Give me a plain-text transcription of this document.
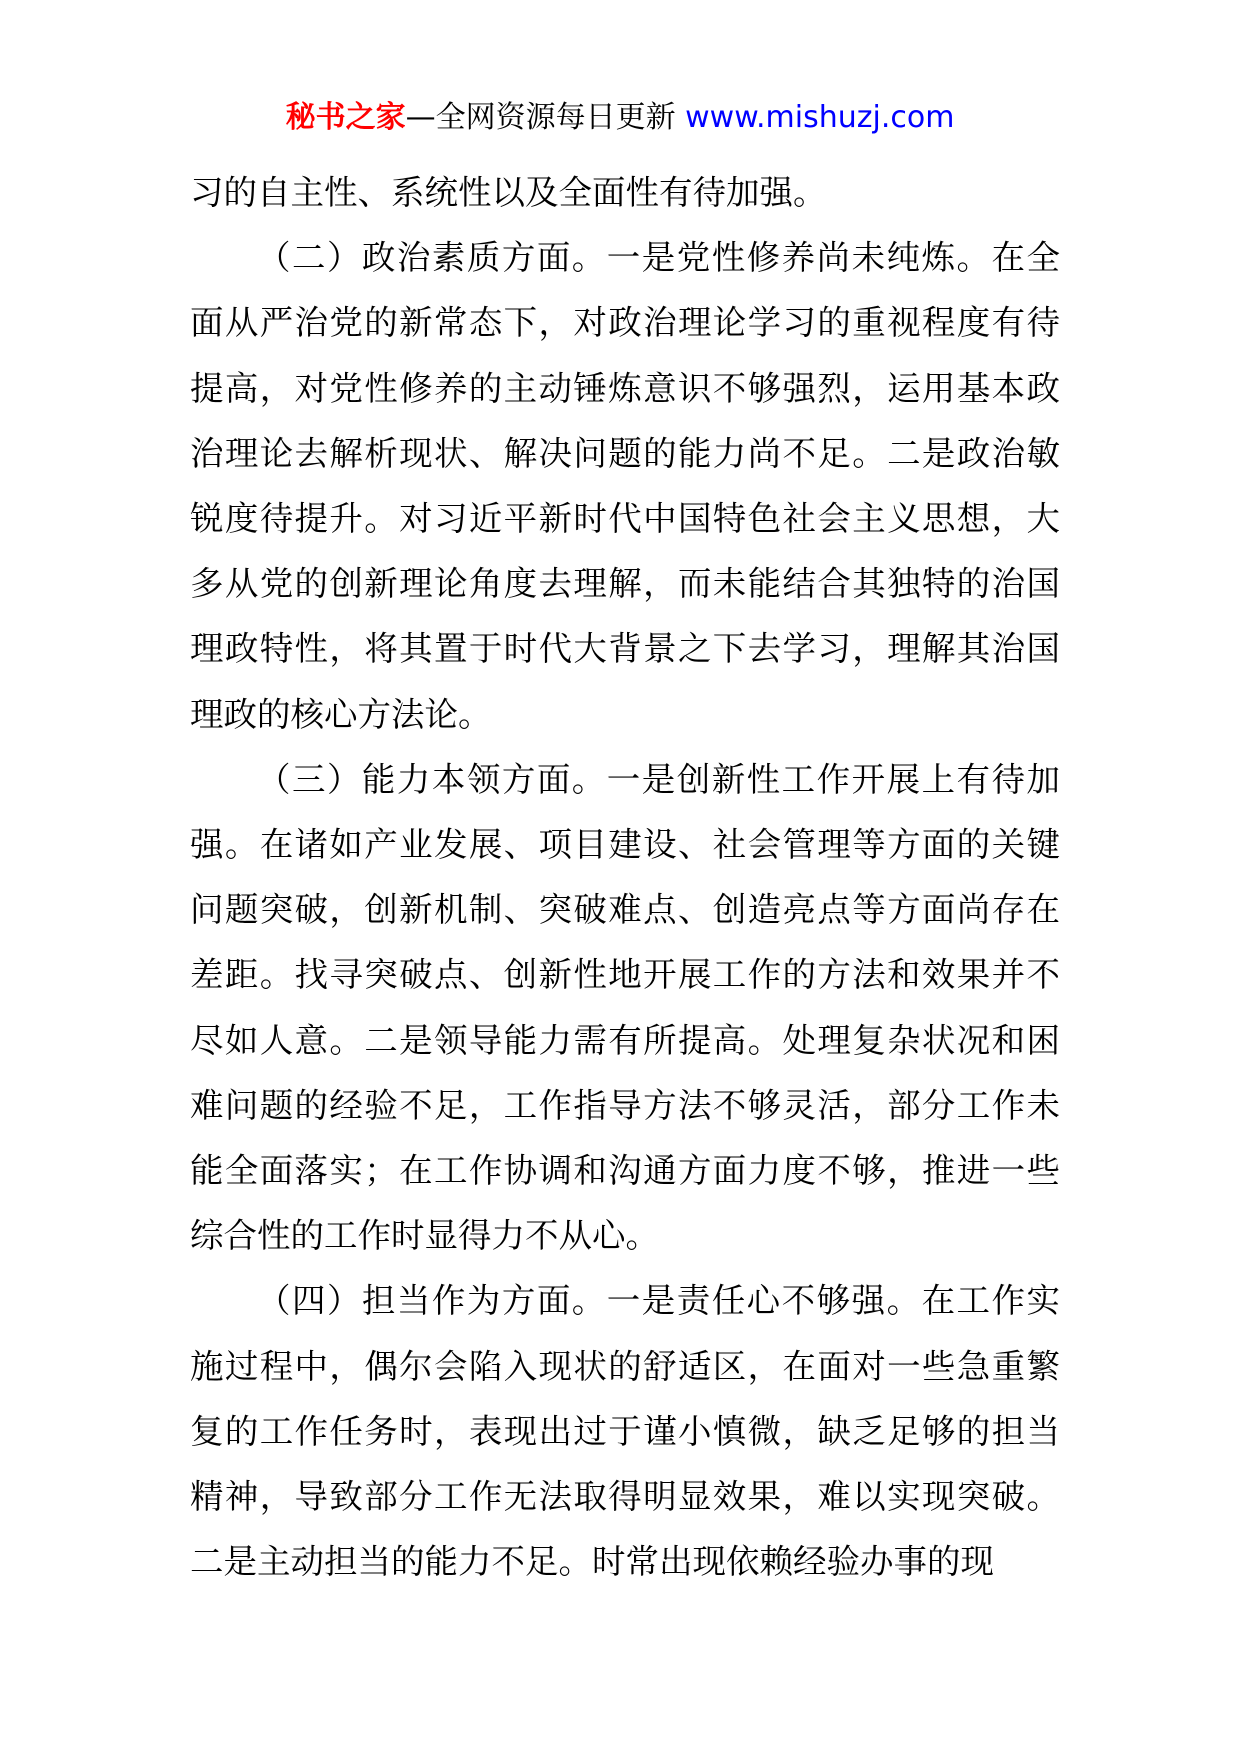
秘书之家—全网资源每日更新 www.mishuzj.com

习的自主性、系统性以及全面性有待加强。

（二）政治素质方面。一是党性修养尚未纯炼。在全面从严治党的新常态下，对政治理论学习的重视程度有待提高，对党性修养的主动锤炼意识不够强烈，运用基本政治理论去解析现状、解决问题的能力尚不足。二是政治敏锐度待提升。对习近平新时代中国特色社会主义思想，大多从党的创新理论角度去理解，而未能结合其独特的治国理政特性，将其置于时代大背景之下去学习，理解其治国理政的核心方法论。

（三）能力本领方面。一是创新性工作开展上有待加强。在诸如产业发展、项目建设、社会管理等方面的关键问题突破，创新机制、突破难点、创造亮点等方面尚存在差距。找寻突破点、创新性地开展工作的方法和效果并不尽如人意。二是领导能力需有所提高。处理复杂状况和困难问题的经验不足，工作指导方法不够灵活，部分工作未能全面落实；在工作协调和沟通方面力度不够，推进一些综合性的工作时显得力不从心。

（四）担当作为方面。一是责任心不够强。在工作实施过程中，偶尔会陷入现状的舒适区，在面对一些急重繁复的工作任务时，表现出过于谨小慎微，缺乏足够的担当精神，导致部分工作无法取得明显效果，难以实现突破。二是主动担当的能力不足。时常出现依赖经验办事的现
